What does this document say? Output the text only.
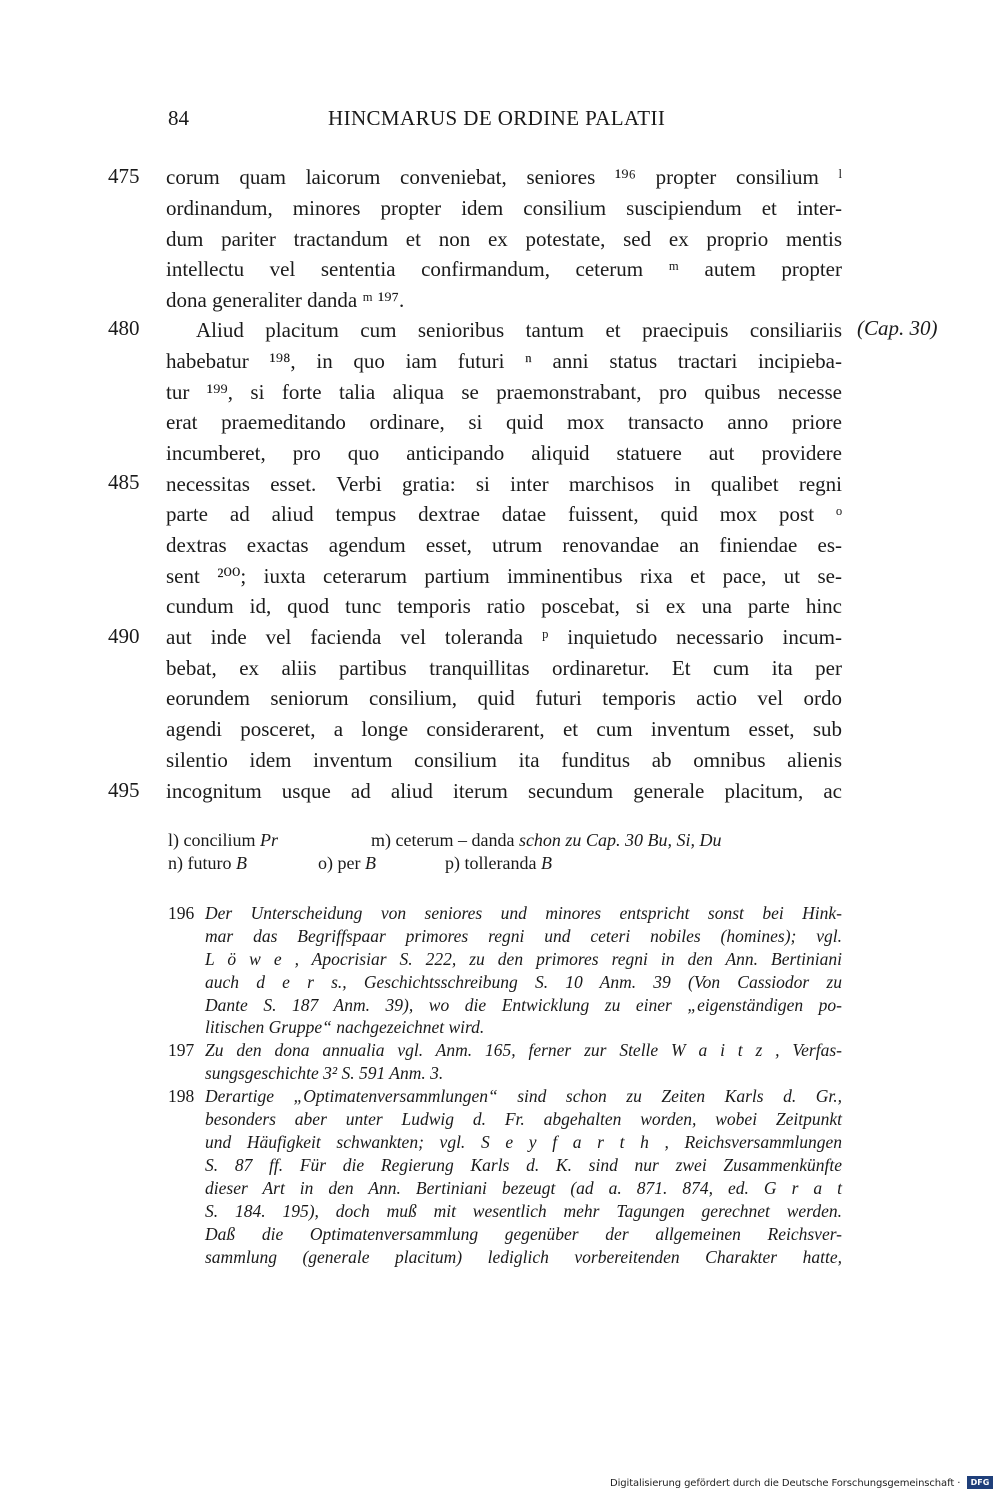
84	HINCMARUS DE ORDINE PALATII
475
480
485
490
495
(Cap. 30)
corum quam laicorum conveniebat, seniores ¹⁹⁶ propter consilium ˡ
ordinandum, minores propter idem consilium suscipiendum et inter-
dum pariter tractandum et non ex potestate, sed ex proprio mentis
intellectu vel sententia confirmandum, ceterum ᵐ autem propter
dona generaliter danda ᵐ ¹⁹⁷.
Aliud placitum cum senioribus tantum et praecipuis consiliariis
habebatur ¹⁹⁸, in quo iam futuri ⁿ anni status tractari incipieba-
tur ¹⁹⁹, si forte talia aliqua se praemonstrabant, pro quibus necesse
erat praemeditando ordinare, si quid mox transacto anno priore
incumberet, pro quo anticipando aliquid statuere aut providere
necessitas esset. Verbi gratia: si inter marchisos in qualibet regni
parte ad aliud tempus dextrae datae fuissent, quid mox post ᵒ
dextras exactas agendum esset, utrum renovandae an finiendae es-
sent ²⁰⁰; iuxta ceterarum partium imminentibus rixa et pace, ut se-
cundum id, quod tunc temporis ratio poscebat, si ex una parte hinc
aut inde vel facienda vel toleranda ᵖ inquietudo necessario incum-
bebat, ex aliis partibus tranquillitas ordinaretur. Et cum ita per
eorundem seniorum consilium, quid futuri temporis actio vel ordo
agendi posceret, a longe considerarent, et cum inventum esset, sub
silentio idem inventum consilium ita funditus ab omnibus alienis
incognitum usque ad aliud iterum secundum generale placitum, ac
l) concilium Pr	m) ceterum – danda schon zu Cap. 30 Bu, Si, Du
n) futuro B	o) per B	p) tolleranda B
196
197
198
Der Unterscheidung von seniores und minores entspricht sonst bei Hink-
mar das Begriffspaar primores regni und ceteri nobiles (homines); vgl.
L ö w e , Apocrisiar S. 222, zu den primores regni in den Ann. Bertiniani
auch d e r s., Geschichtsschreibung S. 10 Anm. 39 (Von Cassiodor zu
Dante S. 187 Anm. 39), wo die Entwicklung zu einer „eigenständigen po-
litischen Gruppe“ nachgezeichnet wird.
Zu den dona annualia vgl. Anm. 165, ferner zur Stelle W a i t z , Verfas-
sungsgeschichte 3² S. 591 Anm. 3.
Derartige „Optimatenversammlungen“ sind schon zu Zeiten Karls d. Gr.,
besonders aber unter Ludwig d. Fr. abgehalten worden, wobei Zeitpunkt
und Häufigkeit schwankten; vgl. S e y f a r t h , Reichsversammlungen
S. 87 ff. Für die Regierung Karls d. K. sind nur zwei Zusammenkünfte
dieser Art in den Ann. Bertiniani bezeugt (ad a. 871. 874, ed. G r a t
S. 184. 195), doch muß mit wesentlich mehr Tagungen gerechnet werden.
Daß die Optimatenversammlung gegenüber der allgemeinen Reichsver-
sammlung (generale placitum) lediglich vorbereitenden Charakter hatte,
Digitalisierung gefördert durch die Deutsche Forschungsgemeinschaft ·	DFG
